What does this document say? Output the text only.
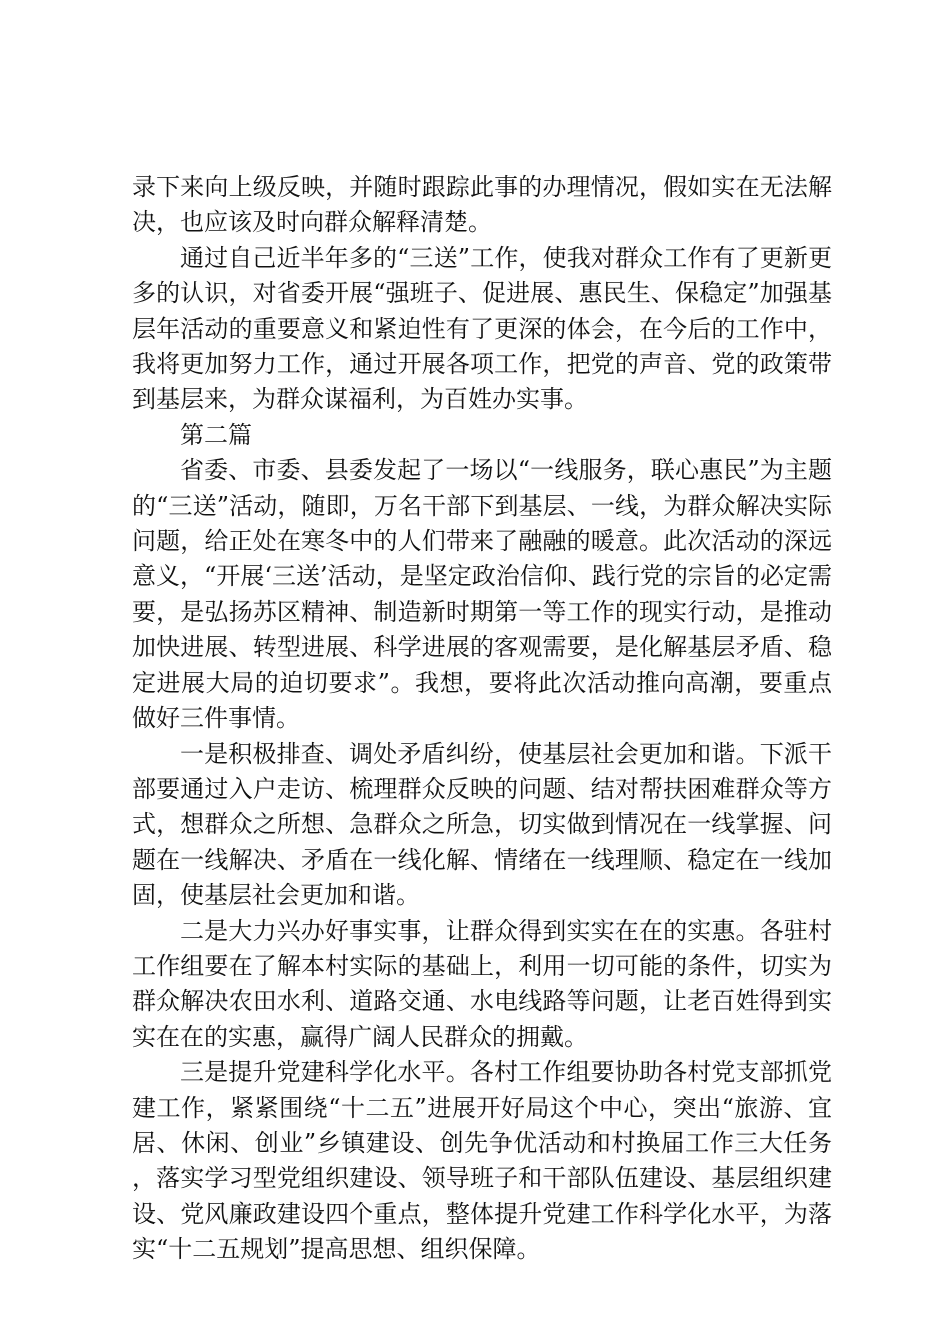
录下来向上级反映，并随时跟踪此事的办理情况，假如实在无法解决，也应该及时向群众解释清楚。

通过自己近半年多的“三送”工作，使我对群众工作有了更新更多的认识，对省委开展“强班子、促进展、惠民生、保稳定”加强基层年活动的重要意义和紧迫性有了更深的体会，在今后的工作中，我将更加努力工作，通过开展各项工作，把党的声音、党的政策带到基层来，为群众谋福利，为百姓办实事。

第二篇

省委、市委、县委发起了一场以“一线服务，联心惠民”为主题的“三送”活动，随即，万名干部下到基层、一线，为群众解决实际问题，给正处在寒冬中的人们带来了融融的暖意。此次活动的深远意义，“开展‘三送’活动，是坚定政治信仰、践行党的宗旨的必定需要，是弘扬苏区精神、制造新时期第一等工作的现实行动，是推动加快进展、转型进展、科学进展的客观需要，是化解基层矛盾、稳定进展大局的迫切要求”。我想，要将此次活动推向高潮，要重点做好三件事情。

一是积极排查、调处矛盾纠纷，使基层社会更加和谐。下派干部要通过入户走访、梳理群众反映的问题、结对帮扶困难群众等方式，想群众之所想、急群众之所急，切实做到情况在一线掌握、问题在一线解决、矛盾在一线化解、情绪在一线理顺、稳定在一线加固，使基层社会更加和谐。

二是大力兴办好事实事，让群众得到实实在在的实惠。各驻村工作组要在了解本村实际的基础上，利用一切可能的条件，切实为群众解决农田水利、道路交通、水电线路等问题，让老百姓得到实实在在的实惠，赢得广阔人民群众的拥戴。

三是提升党建科学化水平。各村工作组要协助各村党支部抓党建工作，紧紧围绕“十二五”进展开好局这个中心，突出“旅游、宜居、休闲、创业”乡镇建设、创先争优活动和村换届工作三大任务，落实学习型党组织建设、领导班子和干部队伍建设、基层组织建设、党风廉政建设四个重点，整体提升党建工作科学化水平，为落实“十二五规划”提高思想、组织保障。
